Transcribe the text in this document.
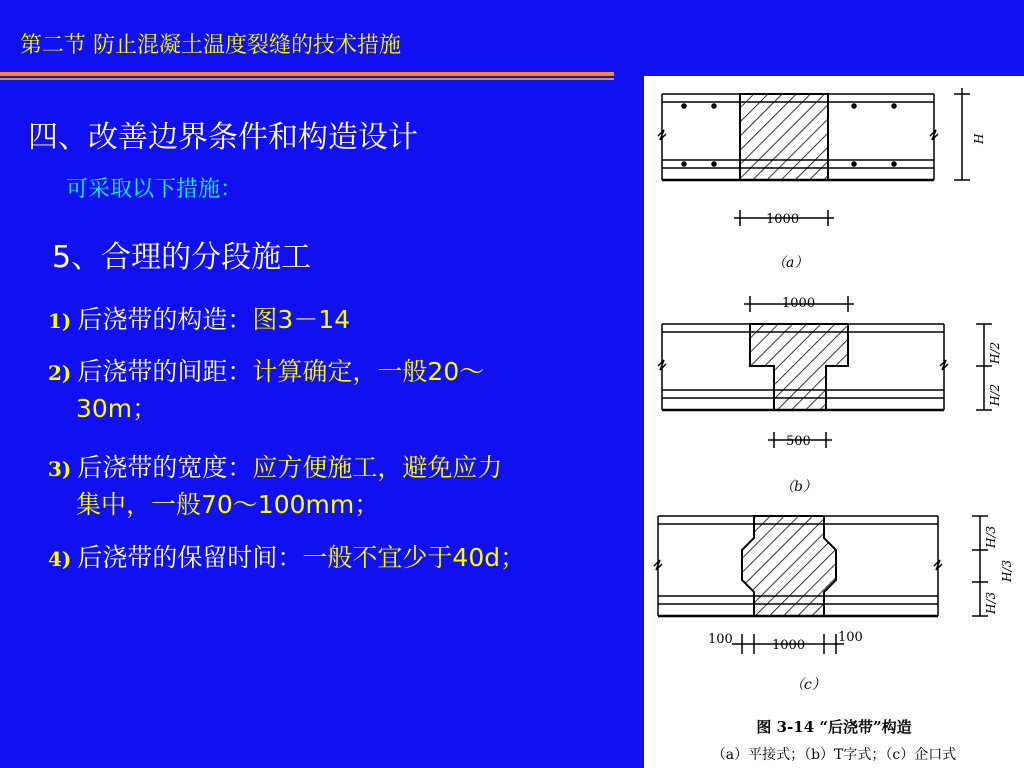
第二节 防止混凝土温度裂缝的技术措施
四、改善边界条件和构造设计
可采取以下措施：
5、合理的分段施工
1) 后浇带的构造：图3－14
2) 后浇带的间距：计算确定，一般20～
30m；
3) 后浇带的宽度：应方便施工，避免应力
集中，一般70～100mm；
4) 后浇带的保留时间：一般不宜少于40d；
H
1000
（a）
1000
H/2
H/2
500
（b）
H/3
H/3
H/3
100	1000
100
（c）
图 3-14 “后浇带”构造
（a）平接式；（b）T字式；（c）企口式
